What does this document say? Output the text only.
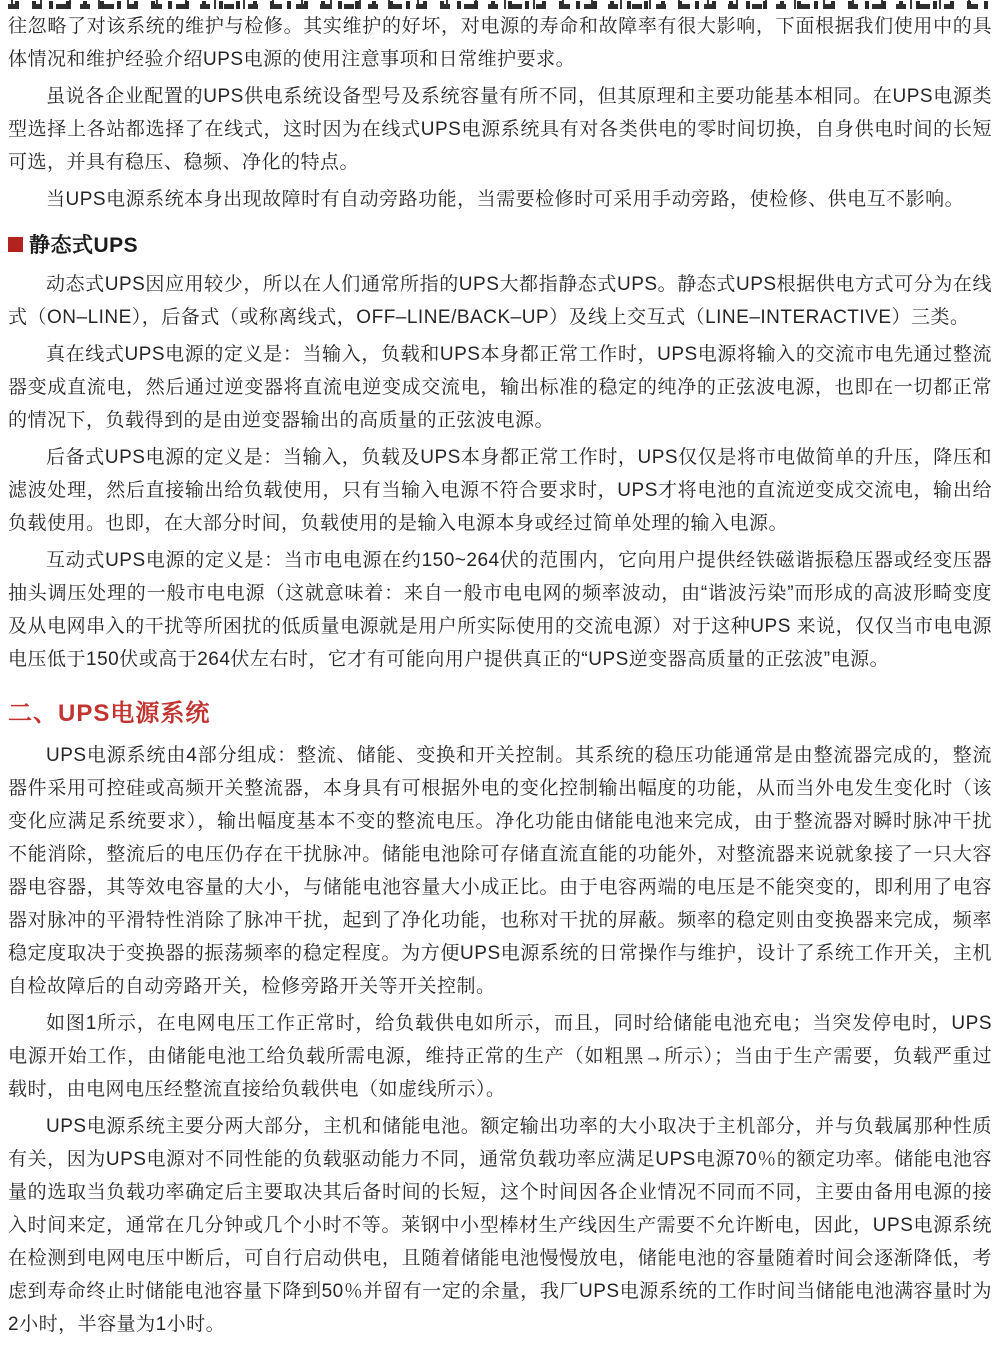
往忽略了对该系统的维护与检修。其实维护的好坏，对电源的寿命和故障率有很大影响，下面根据我们使用中的具体情况和维护经验介绍UPS电源的使用注意事项和日常维护要求。

虽说各企业配置的UPS供电系统设备型号及系统容量有所不同，但其原理和主要功能基本相同。在UPS电源类型选择上各站都选择了在线式，这时因为在线式UPS电源系统具有对各类供电的零时间切换，自身供电时间的长短可选，并具有稳压、稳频、净化的特点。

当UPS电源系统本身出现故障时有自动旁路功能，当需要检修时可采用手动旁路，使检修、供电互不影响。

静态式UPS

动态式UPS因应用较少，所以在人们通常所指的UPS大都指静态式UPS。静态式UPS根据供电方式可分为在线式（ON–LINE），后备式（或称离线式，OFF–LINE/BACK–UP）及线上交互式（LINE–INTERACTIVE）三类。

真在线式UPS电源的定义是：当输入，负载和UPS本身都正常工作时，UPS电源将输入的交流市电先通过整流器变成直流电，然后通过逆变器将直流电逆变成交流电，输出标准的稳定的纯净的正弦波电源，也即在一切都正常的情况下，负载得到的是由逆变器输出的高质量的正弦波电源。

后备式UPS电源的定义是：当输入，负载及UPS本身都正常工作时，UPS仅仅是将市电做简单的升压，降压和滤波处理，然后直接输出给负载使用，只有当输入电源不符合要求时，UPS才将电池的直流逆变成交流电，输出给负载使用。也即，在大部分时间，负载使用的是输入电源本身或经过简单处理的输入电源。

互动式UPS电源的定义是：当市电电源在约150~264伏的范围内，它向用户提供经铁磁谐振稳压器或经变压器抽头调压处理的一般市电电源（这就意味着：来自一般市电电网的频率波动，由“谐波污染”而形成的高波形畸变度及从电网串入的干扰等所困扰的低质量电源就是用户所实际使用的交流电源）对于这种UPS 来说，仅仅当市电电源电压低于150伏或高于264伏左右时，它才有可能向用户提供真正的“UPS逆变器高质量的正弦波”电源。

二、UPS电源系统

UPS电源系统由4部分组成：整流、储能、变换和开关控制。其系统的稳压功能通常是由整流器完成的，整流器件采用可控硅或高频开关整流器，本身具有可根据外电的变化控制输出幅度的功能，从而当外电发生变化时（该变化应满足系统要求），输出幅度基本不变的整流电压。净化功能由储能电池来完成，由于整流器对瞬时脉冲干扰不能消除，整流后的电压仍存在干扰脉冲。储能电池除可存储直流直能的功能外，对整流器来说就象接了一只大容器电容器，其等效电容量的大小，与储能电池容量大小成正比。由于电容两端的电压是不能突变的，即利用了电容器对脉冲的平滑特性消除了脉冲干扰，起到了净化功能，也称对干扰的屏蔽。频率的稳定则由变换器来完成，频率稳定度取决于变换器的振荡频率的稳定程度。为方便UPS电源系统的日常操作与维护，设计了系统工作开关，主机自检故障后的自动旁路开关，检修旁路开关等开关控制。

如图1所示，在电网电压工作正常时，给负载供电如所示，而且，同时给储能电池充电；当突发停电时，UPS电源开始工作，由储能电池工给负载所需电源，维持正常的生产（如粗黑→所示）；当由于生产需要，负载严重过载时，由电网电压经整流直接给负载供电（如虚线所示）。

UPS电源系统主要分两大部分，主机和储能电池。额定输出功率的大小取决于主机部分，并与负载属那种性质有关，因为UPS电源对不同性能的负载驱动能力不同，通常负载功率应满足UPS电源70％的额定功率。储能电池容量的选取当负载功率确定后主要取决其后备时间的长短，这个时间因各企业情况不同而不同，主要由备用电源的接入时间来定，通常在几分钟或几个小时不等。莱钢中小型棒材生产线因生产需要不允许断电，因此，UPS电源系统在检测到电网电压中断后，可自行启动供电，且随着储能电池慢慢放电，储能电池的容量随着时间会逐渐降低，考虑到寿命终止时储能电池容量下降到50％并留有一定的余量，我厂UPS电源系统的工作时间当储能电池满容量时为2小时，半容量为1小时。
